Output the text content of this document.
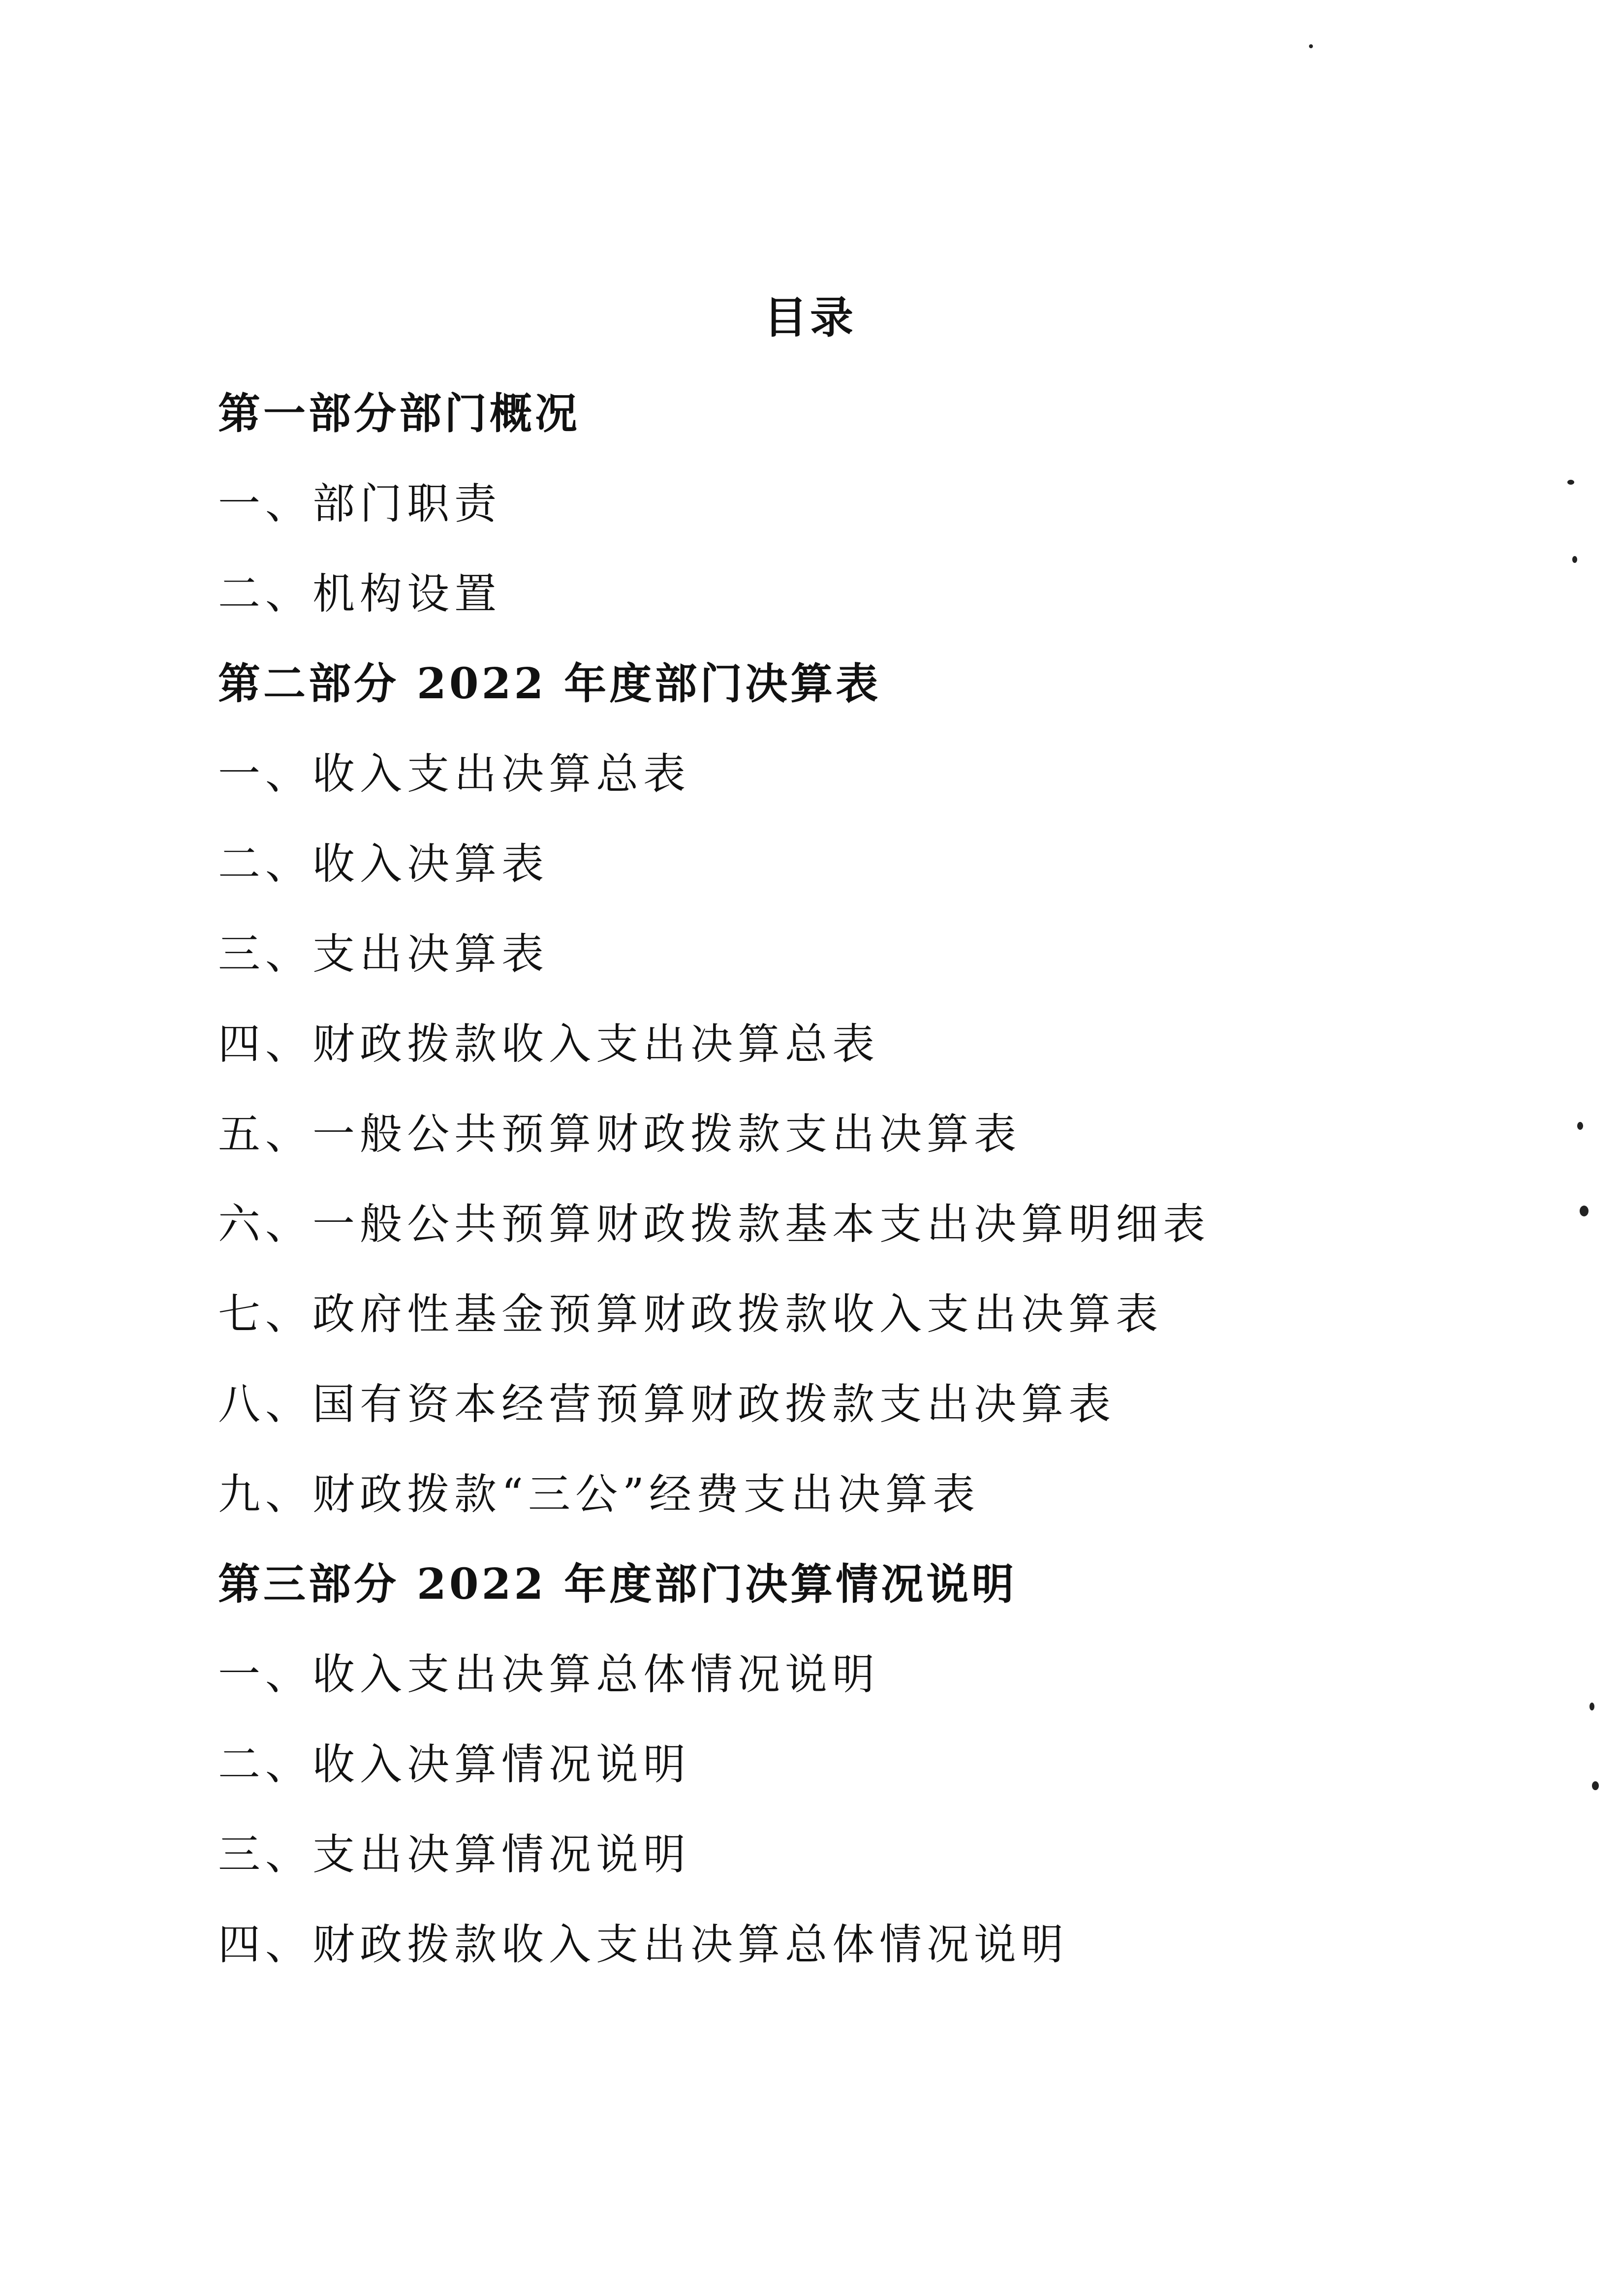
目录
第一部分部门概况
一、部门职责
二、机构设置
第二部分 2022 年度部门决算表
一、收入支出决算总表
二、收入决算表
三、支出决算表
四、财政拨款收入支出决算总表
五、一般公共预算财政拨款支出决算表
六、一般公共预算财政拨款基本支出决算明细表
七、政府性基金预算财政拨款收入支出决算表
八、国有资本经营预算财政拨款支出决算表
九、财政拨款“三公”经费支出决算表
第三部分 2022 年度部门决算情况说明
一、收入支出决算总体情况说明
二、收入决算情况说明
三、支出决算情况说明
四、财政拨款收入支出决算总体情况说明
